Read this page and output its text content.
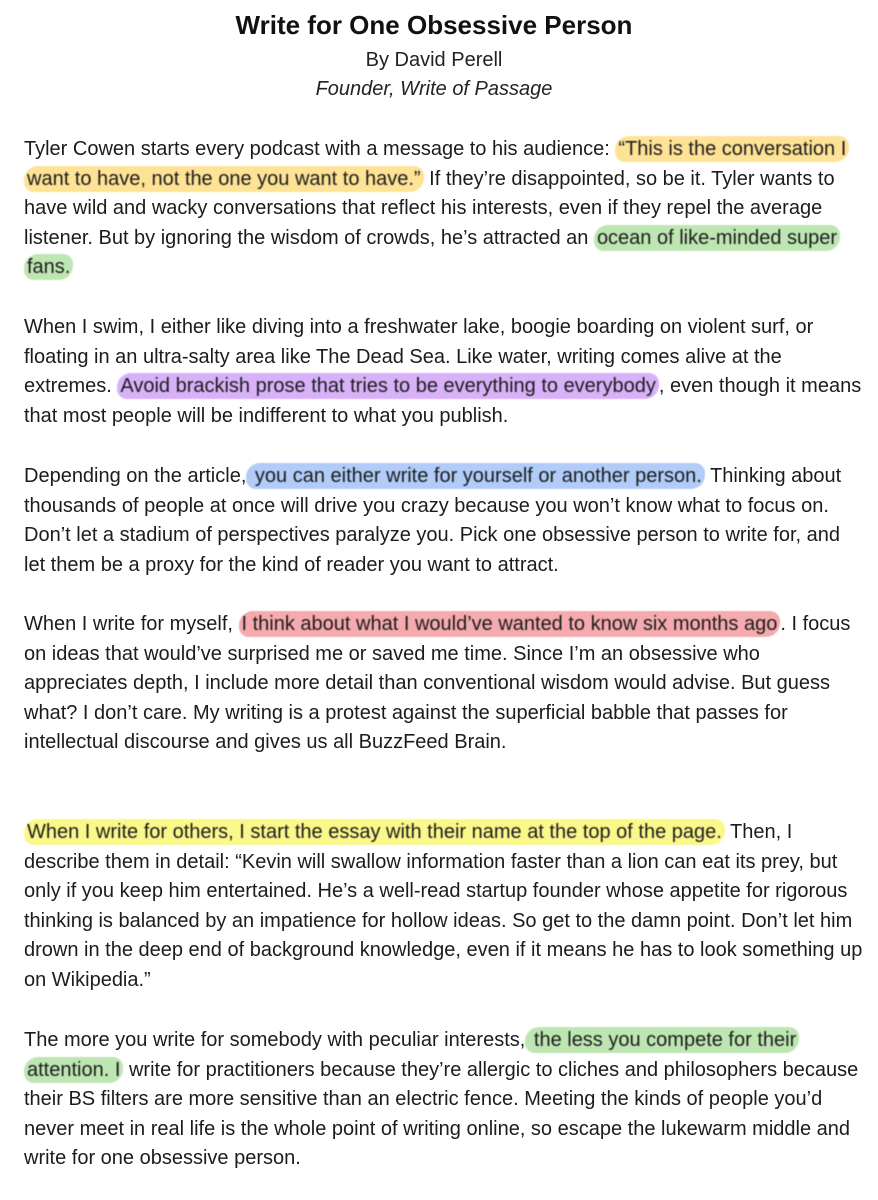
Write for One Obsessive Person
By David Perell
Founder, Write of Passage

Tyler Cowen starts every podcast with a message to his audience: “This is the conversation I want to have, not the one you want to have.” If they’re disappointed, so be it. Tyler wants to have wild and wacky conversations that reflect his interests, even if they repel the average listener. But by ignoring the wisdom of crowds, he’s attracted an ocean of like-minded super fans.

When I swim, I either like diving into a freshwater lake, boogie boarding on violent surf, or floating in an ultra-salty area like The Dead Sea. Like water, writing comes alive at the extremes. Avoid brackish prose that tries to be everything to everybody , even though it means that most people will be indifferent to what you publish.

Depending on the article, you can either write for yourself or another person. Thinking about thousands of people at once will drive you crazy because you won’t know what to focus on. Don’t let a stadium of perspectives paralyze you. Pick one obsessive person to write for, and let them be a proxy for the kind of reader you want to attract.

When I write for myself, I think about what I would’ve wanted to know six months ago . I focus on ideas that would’ve surprised me or saved me time. Since I’m an obsessive who appreciates depth, I include more detail than conventional wisdom would advise. But guess what? I don’t care. My writing is a protest against the superficial babble that passes for intellectual discourse and gives us all BuzzFeed Brain.

When I write for others, I start the essay with their name at the top of the page. Then, I describe them in detail: “Kevin will swallow information faster than a lion can eat its prey, but only if you keep him entertained. He’s a well-read startup founder whose appetite for rigorous thinking is balanced by an impatience for hollow ideas. So get to the damn point. Don’t let him drown in the deep end of background knowledge, even if it means he has to look something up on Wikipedia.”

The more you write for somebody with peculiar interests, the less you compete for their attention. I write for practitioners because they’re allergic to cliches and philosophers because their BS filters are more sensitive than an electric fence. Meeting the kinds of people you’d never meet in real life is the whole point of writing online, so escape the lukewarm middle and write for one obsessive person.
